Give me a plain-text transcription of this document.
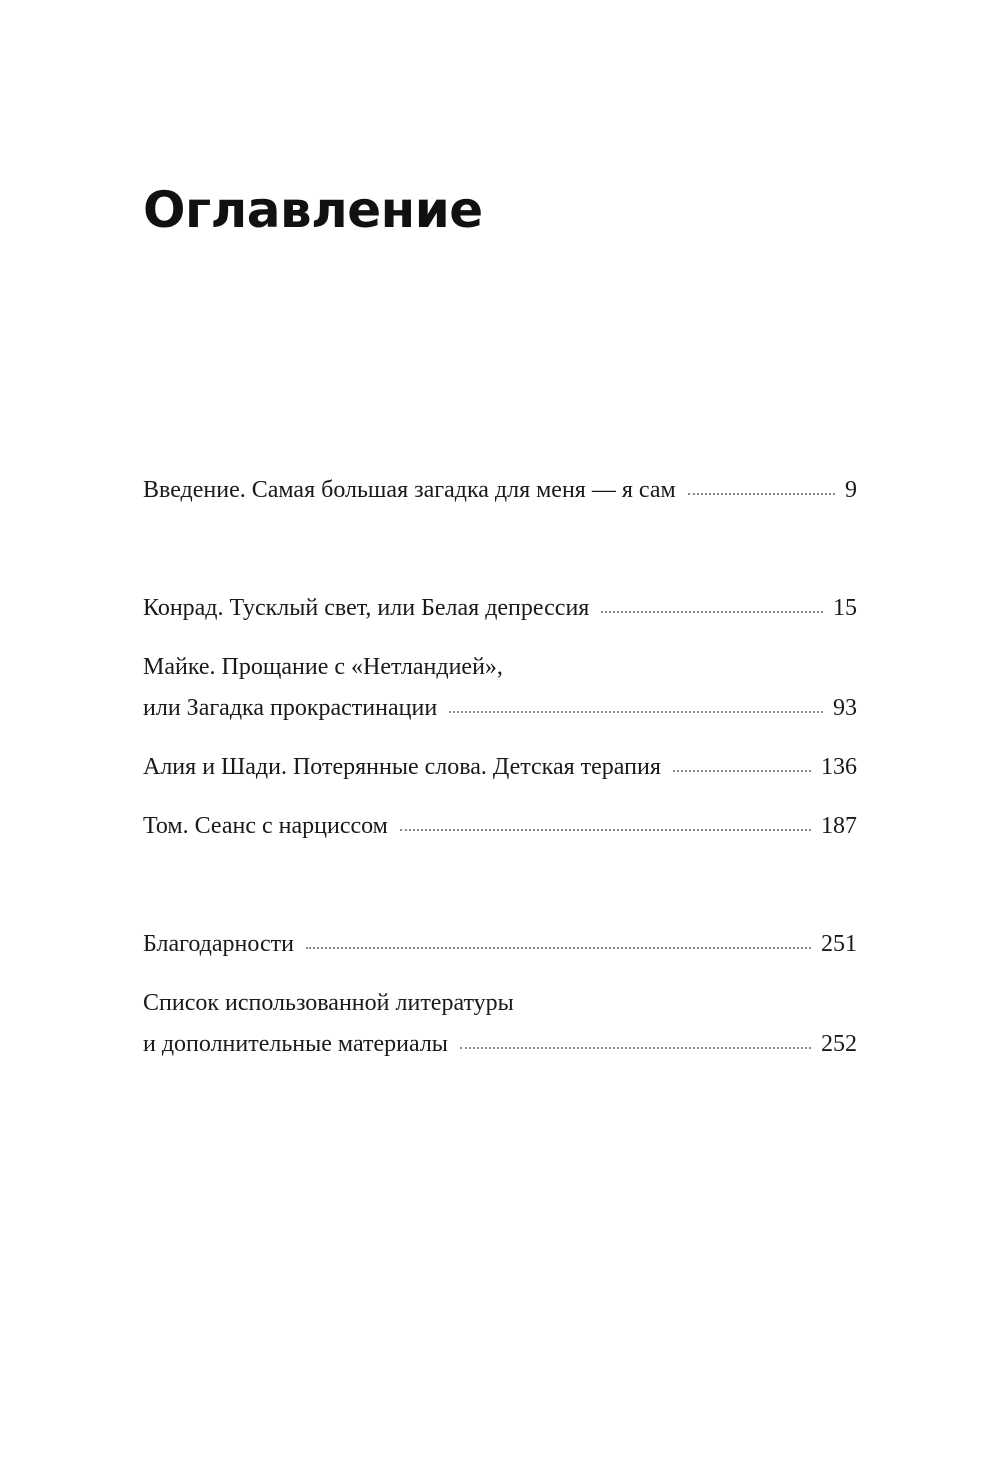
Оглавление
Введение. Самая большая загадка для меня — я сам	9
Конрад. Тусклый свет, или Белая депрессия	15
Майке. Прощание с «Нетландией»,
или Загадка прокрастинации	93
Алия и Шади. Потерянные слова. Детская терапия	136
Том. Сеанс с нарциссом	187
Благодарности	251
Список использованной литературы
и дополнительные материалы	252
